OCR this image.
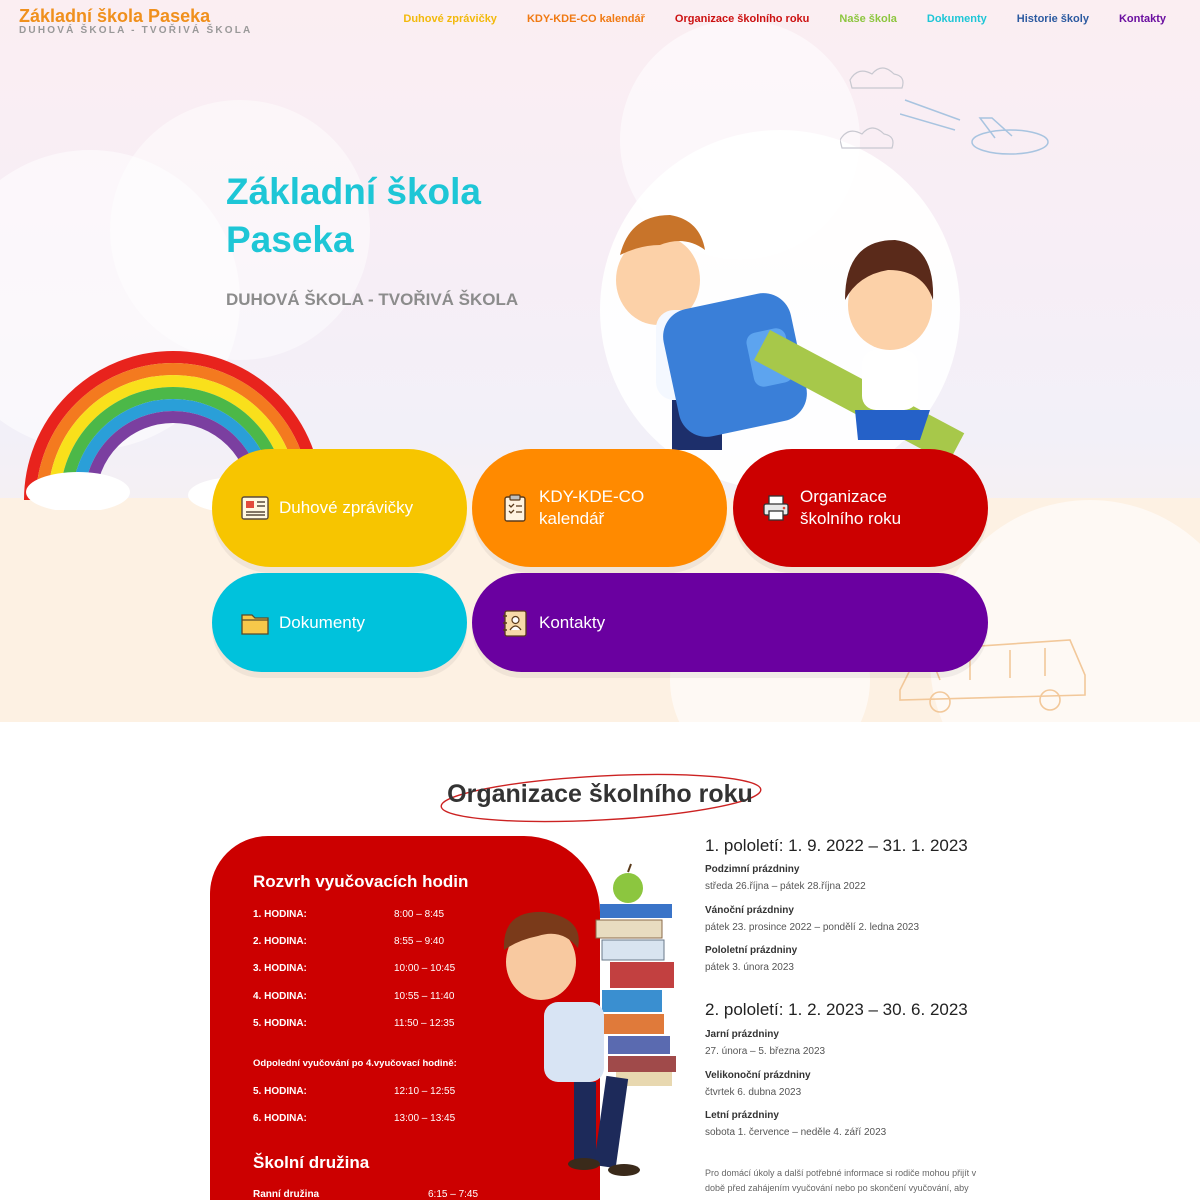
Základní škola Paseka
DUHOVÁ ŠKOLA - TVOŘIVÁ ŠKOLA
Duhové zprávičky
KDY-KDE-CO kalendář
Organizace školního roku
Dokumenty	Kontakty
Základní škola Paseka
DUHOVÁ ŠKOLA - TVOŘIVÁ ŠKOLA
Duhové zprávičky	KDY-KDE-CO kalendář	Organizace školního roku	Naše škola	Dokumenty	Historie školy	Kontakty
Organizace školního roku
Rozvrh vyučovacích hodin
1. HODINA:	8:00 – 8:45
2. HODINA:	8:55 – 9:40
3. HODINA:	10:00 – 10:45
4. HODINA:	10:55 – 11:40
5. HODINA:	11:50 – 12:35
Odpolední vyučování po 4.vyučovací hodině:
5. HODINA:	12:10 – 12:55
6. HODINA:	13:00 – 13:45
Školní družina
Ranní družina	6:15 – 7:45
1. pololetí: 1. 9. 2022 – 31. 1. 2023
Podzimní prázdniny
středa 26.října – pátek 28.října 2022
Vánoční prázdniny
pátek 23. prosince 2022 – pondělí 2. ledna 2023
Pololetní prázdniny
pátek 3. února 2023
2. pololetí: 1. 2. 2023 – 30. 6. 2023
Jarní prázdniny
27. února – 5. března 2023
Velikonoční prázdniny
čtvrtek 6. dubna 2023
Letní prázdniny
sobota 1. července – neděle 4. září 2023

Pro domácí úkoly a další potřebné informace si rodiče mohou přijít v době před zahájením vyučování nebo po skončení vyučování, aby
